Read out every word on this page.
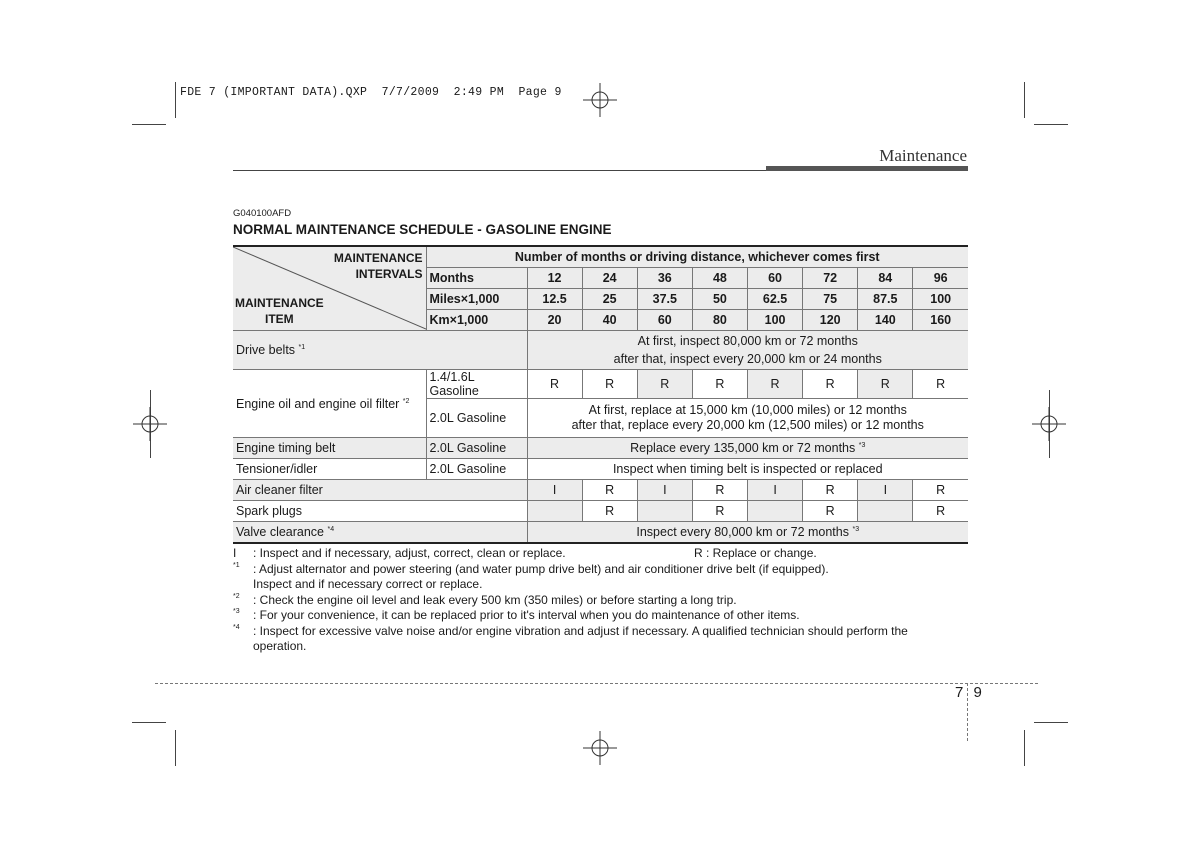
FDE 7 (IMPORTANT DATA).QXP  7/7/2009  2:49 PM  Page 9
Maintenance
G040100AFD
NORMAL MAINTENANCE SCHEDULE - GASOLINE ENGINE
MAINTENANCE
INTERVALS
MAINTENANCE
ITEM	Number of months or driving distance, whichever comes first								
	Months	12	24	36	48	60	72	84	96
	Miles×1,000	12.5	25	37.5	50	62.5	75	87.5	100
	Km×1,000	20	40	60	80	100	120	140	160
Drive belts $^{*1}$		At first, inspect 80,000 km or 72 months
after that, inspect every 20,000 km or 24 months							

Engine oil and engine oil filter $^{*2}$	1.4/1.6L Gasoline	R	R	R	R	R	R	R	R
	2.0L Gasoline	At first, replace at 15,000 km (10,000 miles) or 12 months
after that, replace every 20,000 km (12,500 miles) or 12 months							

Engine timing belt	2.0L Gasoline	Replace every 135,000 km or 72 months $^{*3}$
Tensioner/idler	2.0L Gasoline	Inspect when timing belt is inspected or replaced							
Air cleaner filter		I	R	I	R	I	R	I	R
Spark plugs			R		R		R		R
Valve clearance $^{*4}$		Inspect every 80,000 km or 72 months $^{*3}$
I : Inspect and if necessary, adjust, correct, clean or replace.	R : Replace or change.
*1 : Adjust alternator and power steering (and water pump drive belt) and air conditioner drive belt (if equipped).
Inspect and if necessary correct or replace.
*2 : Check the engine oil level and leak every 500 km (350 miles) or before starting a long trip.
*3 : For your convenience, it can be replaced prior to it's interval when you do maintenance of other items.
*4 : Inspect for excessive valve noise and/or engine vibration and adjust if necessary. A qualified technician should perform the
operation.
7 9
